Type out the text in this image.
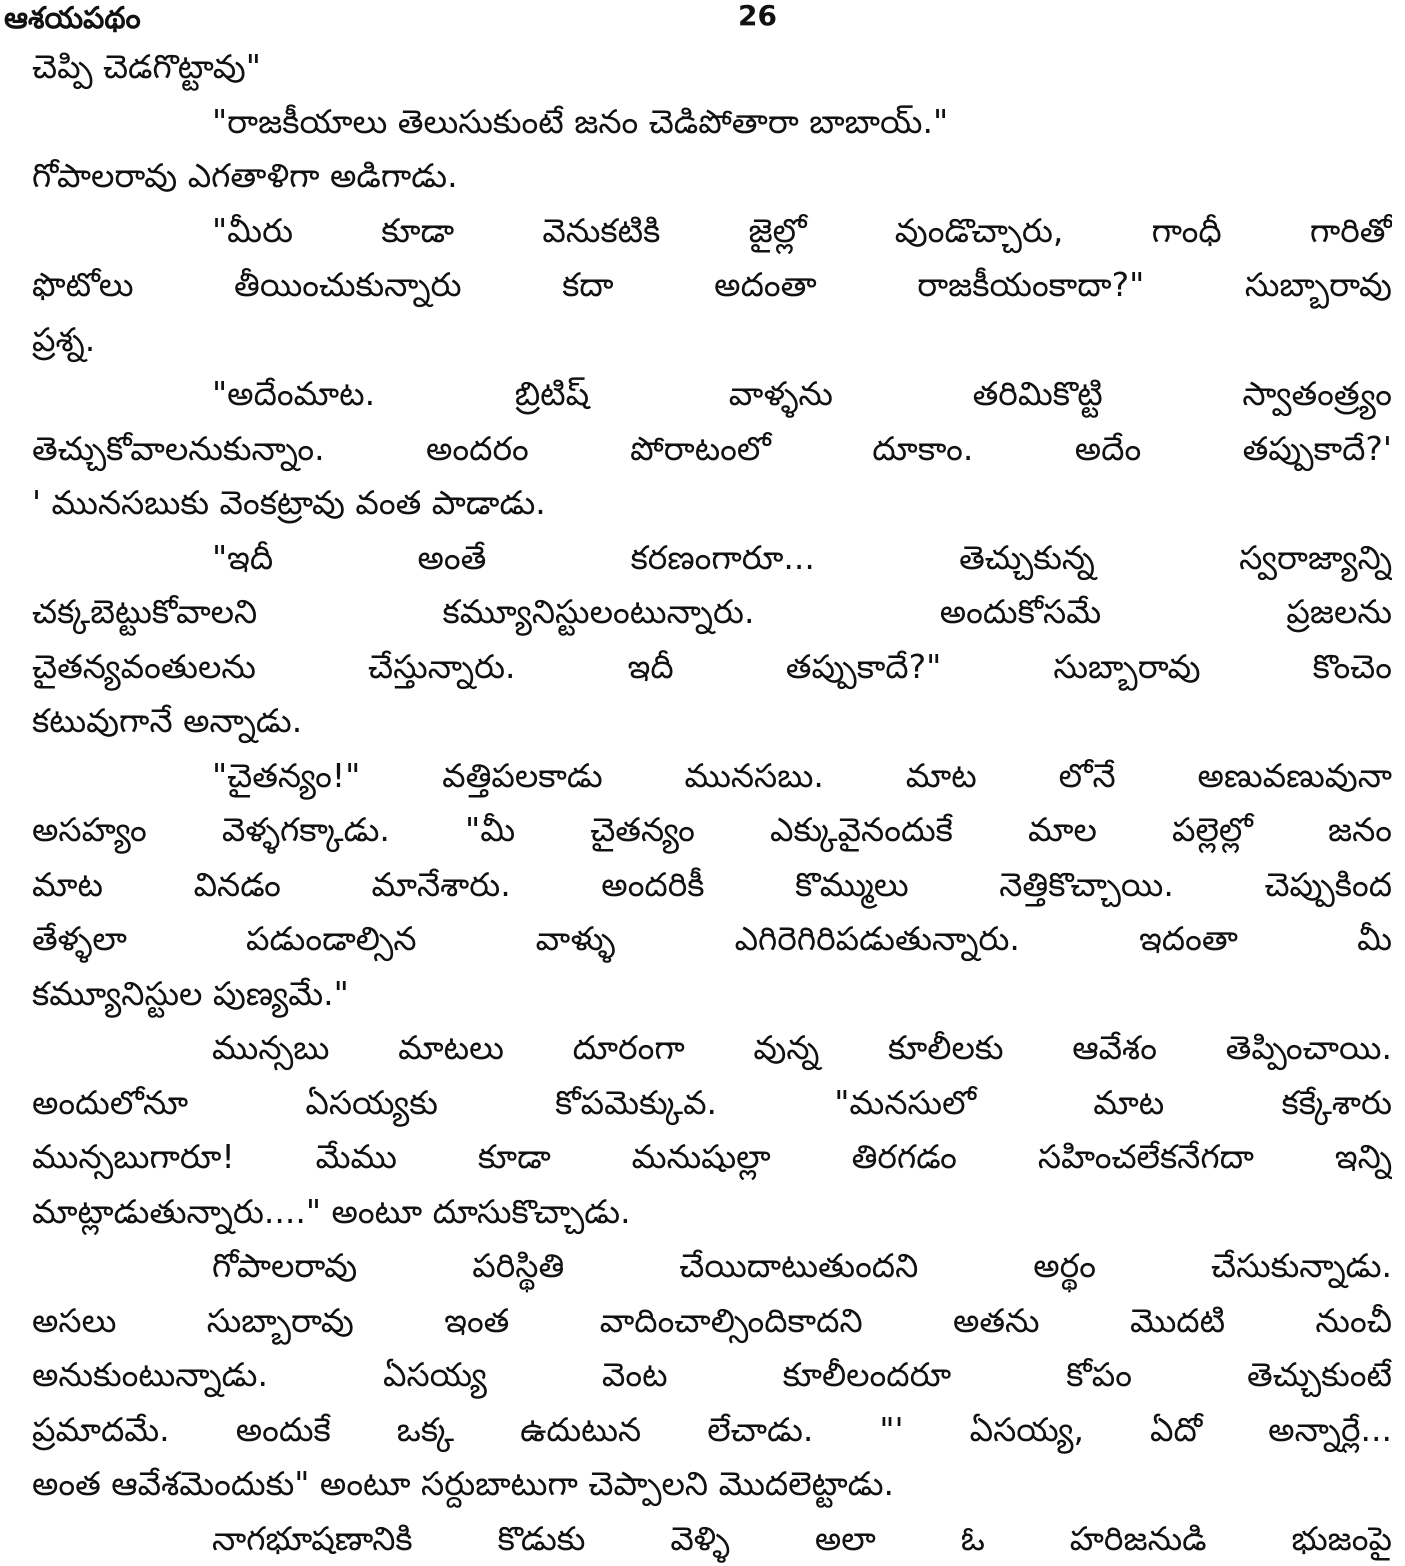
ఆశయపథం	26
చెప్పి చెడగొట్టావు"
"రాజకీయాలు తెలుసుకుంటే జనం చెడిపోతారా బాబాయ్."
గోపాలరావు ఎగతాళిగా అడిగాడు.
"మీరు కూడా వెనుకటికి జైల్లో వుండొచ్చారు, గాంధీ గారితో
ఫొటోలు తీయించుకున్నారు కదా అదంతా రాజకీయంకాదా?" సుబ్బారావు
ప్రశ్న.
"అదేంమాట. బ్రిటిష్ వాళ్ళను తరిమికొట్టి స్వాతంత్ర్యం
తెచ్చుకోవాలనుకున్నాం. అందరం పోరాటంలో దూకాం. అదేం తప్పుకాదే?'
' మునసబుకు వెంకట్రావు వంత పాడాడు.
"ఇదీ అంతే కరణంగారూ... తెచ్చుకున్న స్వరాజ్యాన్ని
చక్కబెట్టుకోవాలని కమ్యూనిస్టులంటున్నారు. అందుకోసమే ప్రజలను
చైతన్యవంతులను చేస్తున్నారు. ఇదీ తప్పుకాదే?" సుబ్బారావు కొంచెం
కటువుగానే అన్నాడు.
"చైతన్యం!" వత్తిపలకాడు మునసబు. మాట లోనే అణువణువునా
అసహ్యం వెళ్ళగక్కాడు. "మీ చైతన్యం ఎక్కువైనందుకే మాల పల్లెల్లో జనం
మాట వినడం మానేశారు. అందరికీ కొమ్ములు నెత్తికొచ్చాయి. చెప్పుకింద
తేళ్ళలా పడుండాల్సిన వాళ్ళు ఎగిరెగిరిపడుతున్నారు. ఇదంతా మీ
కమ్యూనిస్టుల పుణ్యమే."
మున్సబు మాటలు దూరంగా వున్న కూలీలకు ఆవేశం తెప్పించాయి.
అందులోనూ ఏసయ్యకు కోపమెక్కువ. "మనసులో మాట కక్కేశారు
మున్సబుగారూ! మేము కూడా మనుషుల్లా తిరగడం సహించలేకనేగదా ఇన్ని
మాట్లాడుతున్నారు...." అంటూ దూసుకొచ్చాడు.
గోపాలరావు పరిస్థితి చేయిదాటుతుందని అర్థం చేసుకున్నాడు.
అసలు సుబ్బారావు ఇంత వాదించాల్సిందికాదని అతను మొదటి నుంచీ
అనుకుంటున్నాడు. ఏసయ్య వెంట కూలీలందరూ కోపం తెచ్చుకుంటే
ప్రమాదమే. అందుకే ఒక్క ఉదుటున లేచాడు. "' ఏసయ్య, ఏదో అన్నార్లే...
అంత ఆవేశమెందుకు" అంటూ సర్దుబాటుగా చెప్పాలని మొదలెట్టాడు.
నాగభూషణానికి కొడుకు వెళ్ళి అలా ఓ హరిజనుడి భుజంపై
